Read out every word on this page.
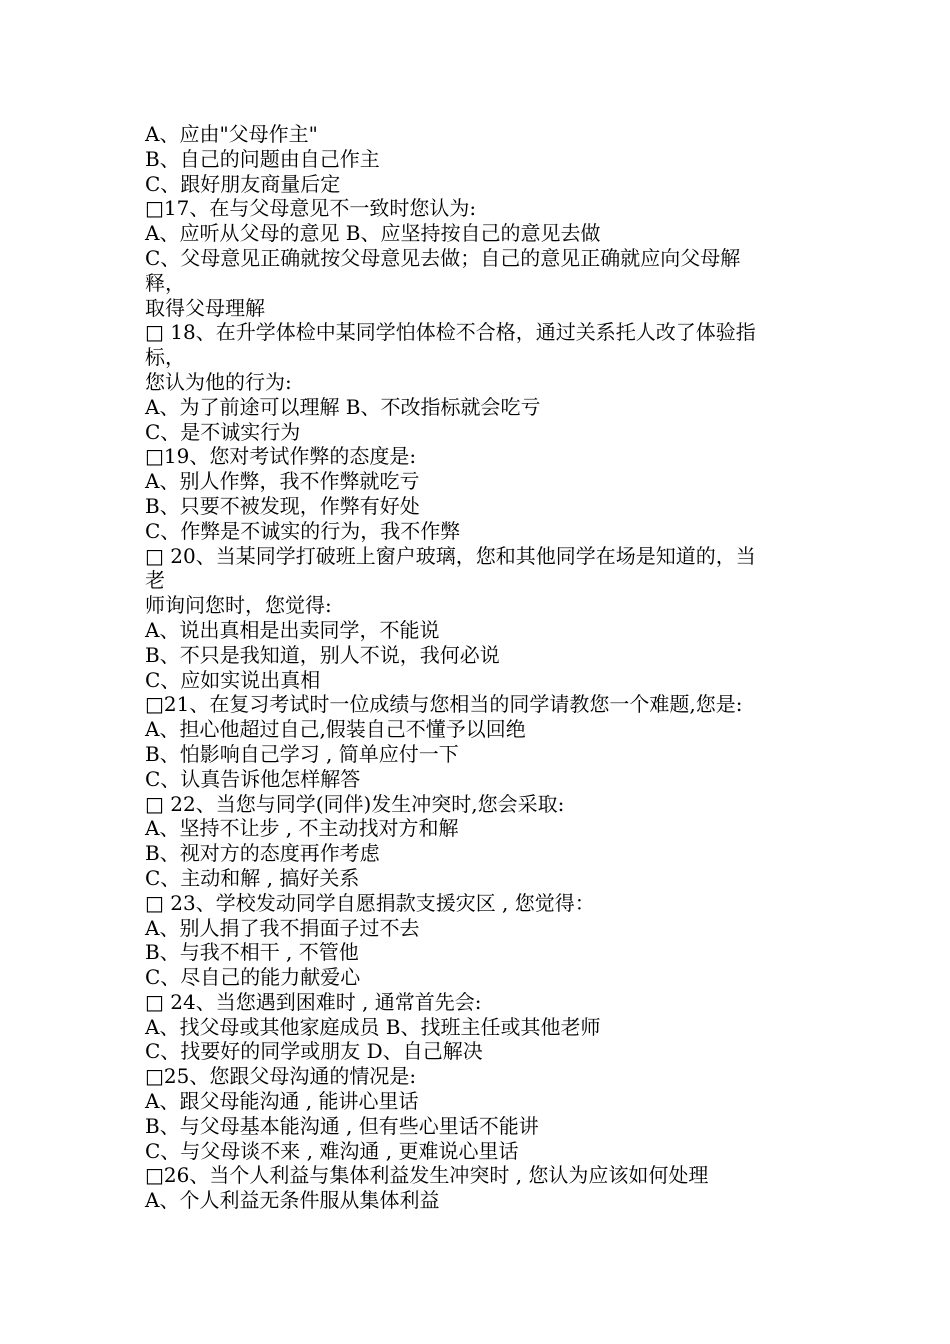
A、应由"父母作主"
B、自己的问题由自己作主
C、跟好朋友商量后定
□17、在与父母意见不一致时您认为:
A、应听从父母的意见 B、应坚持按自己的意见去做
C、父母意见正确就按父母意见去做；自己的意见正确就应向父母解
释，
取得父母理解
□ 18、在升学体检中某同学怕体检不合格，通过关系托人改了体验指
标，
您认为他的行为:
A、为了前途可以理解 B、不改指标就会吃亏
C、是不诚实行为
□19、您对考试作弊的态度是:
A、别人作弊，我不作弊就吃亏
B、只要不被发现，作弊有好处
C、作弊是不诚实的行为，我不作弊
□ 20、当某同学打破班上窗户玻璃，您和其他同学在场是知道的，当
老
师询问您时，您觉得:
A、说出真相是出卖同学，不能说
B、不只是我知道，别人不说，我何必说
C、应如实说出真相
□21、在复习考试时一位成绩与您相当的同学请教您一个难题,您是:
A、担心他超过自己,假装自己不懂予以回绝
B、怕影响自己学习 , 简单应付一下
C、认真告诉他怎样解答
□ 22、当您与同学(同伴)发生冲突时,您会采取:
A、坚持不让步 , 不主动找对方和解
B、视对方的态度再作考虑
C、主动和解 , 搞好关系
□ 23、学校发动同学自愿捐款支援灾区 , 您觉得：
A、别人捐了我不捐面子过不去
B、与我不相干 , 不管他
C、尽自己的能力献爱心
□ 24、当您遇到困难时 , 通常首先会:
A、找父母或其他家庭成员 B、找班主任或其他老师
C、找要好的同学或朋友 D、自己解决
□25、您跟父母沟通的情况是:
A、跟父母能沟通 , 能讲心里话
B、与父母基本能沟通 , 但有些心里话不能讲
C、与父母谈不来 , 难沟通 , 更难说心里话
□26、当个人利益与集体利益发生冲突时 , 您认为应该如何处理
A、个人利益无条件服从集体利益
